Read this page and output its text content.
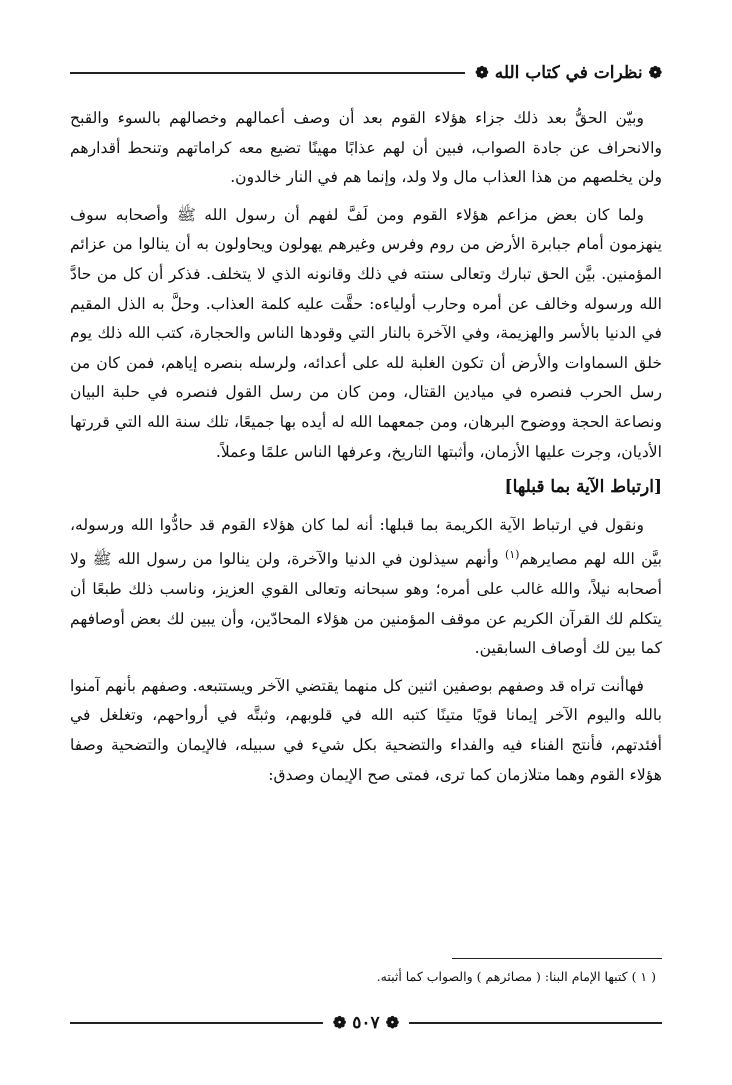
❁
نظرات في كتاب الله
❁

وبيّن الحقُّ بعد ذلك جزاء هؤلاء القوم بعد أن وصف أعمالهم وخصالهم بالسوء والقبح والانحراف عن جادة الصواب، فبين أن لهم عذابًا مهينًا تضيع معه كراماتهم وتنحط أقدارهم ولن يخلصهم من هذا العذاب مال ولا ولد، وإنما هم في النار خالدون.

ولما كان بعض مزاعم هؤلاء القوم ومن لَفَّ لفهم أن رسول الله ﷺ وأصحابه سوف ينهزمون أمام جبابرة الأرض من روم وفرس وغيرهم يهولون ويحاولون به أن ينالوا من عزائم المؤمنين. بيَّن الحق تبارك وتعالى سنته في ذلك وقانونه الذي لا يتخلف. فذكر أن كل من حادَّ الله ورسوله وخالف عن أمره وحارب أولياءه: حقَّت عليه كلمة العذاب. وحلَّ به الذل المقيم في الدنيا بالأسر والهزيمة، وفي الآخرة بالنار التي وقودها الناس والحجارة، كتب الله ذلك يوم خلق السماوات والأرض أن تكون الغلبة لله على أعدائه، ولرسله بنصره إياهم، فمن كان من رسل الحرب فنصره في ميادين القتال، ومن كان من رسل القول فنصره في حلبة البيان ونصاعة الحجة ووضوح البرهان، ومن جمعهما الله له أيده بها جميعًا، تلك سنة الله التي قررتها الأديان، وجرت عليها الأزمان، وأثبتها التاريخ، وعرفها الناس علمًا وعملاً.

[ارتباط الآية بما قبلها]

ونقول في ارتباط الآية الكريمة بما قبلها: أنه لما كان هؤلاء القوم قد حادُّوا الله ورسوله، بيَّن الله لهم مصايرهم$^{(١)}$ وأنهم سيذلون في الدنيا والآخرة، ولن ينالوا من رسول الله ﷺ ولا أصحابه نيلاً، والله غالب على أمره؛ وهو سبحانه وتعالى القوي العزيز، وناسب ذلك طبعًا أن يتكلم لك القرآن الكريم عن موقف المؤمنين من هؤلاء المحادّين، وأن يبين لك بعض أوصافهم كما بين لك أوصاف السابقين.

فهاأنت تراه قد وصفهم بوصفين اثنين كل منهما يقتضي الآخر ويستتبعه. وصفهم بأنهم آمنوا بالله واليوم الآخر إيمانا قويًا متينًا كتبه الله في قلوبهم، وثبتَّه في أرواحهم، وتغلغل في أفئدتهم، فأنتج الفناء فيه والفداء والتضحية بكل شيء في سبيله، فالإيمان والتضحية وصفا هؤلاء القوم وهما متلازمان كما ترى، فمتى صح الإيمان وصدق:

( ١ ) كتبها الإمام البنا: ( مصائرهم ) والصواب كما أثبته.
❁
٥٠٧
❁
